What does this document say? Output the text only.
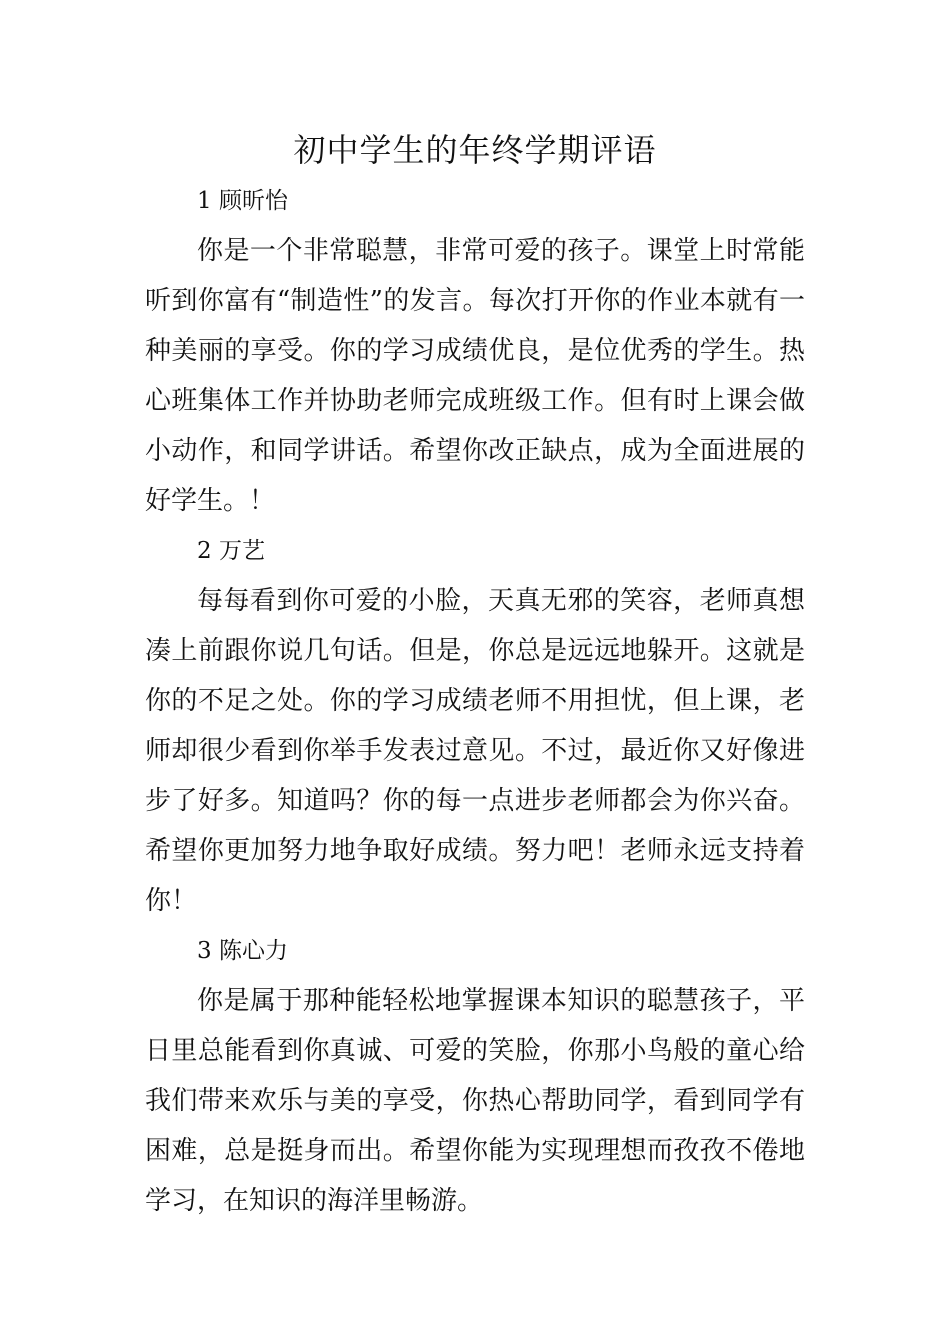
初中学生的年终学期评语

1 顾昕怡

你是一个非常聪慧，非常可爱的孩子。课堂上时常能听到你富有“制造性”的发言。每次打开你的作业本就有一种美丽的享受。你的学习成绩优良，是位优秀的学生。热心班集体工作并协助老师完成班级工作。但有时上课会做小动作，和同学讲话。希望你改正缺点，成为全面进展的好学生。！

2 万艺

每每看到你可爱的小脸，天真无邪的笑容，老师真想凑上前跟你说几句话。但是，你总是远远地躲开。这就是你的不足之处。你的学习成绩老师不用担忧，但上课，老师却很少看到你举手发表过意见。不过，最近你又好像进步了好多。知道吗？你的每一点进步老师都会为你兴奋。希望你更加努力地争取好成绩。努力吧！老师永远支持着你！

3 陈心力

你是属于那种能轻松地掌握课本知识的聪慧孩子，平日里总能看到你真诚、可爱的笑脸，你那小鸟般的童心给我们带来欢乐与美的享受，你热心帮助同学，看到同学有困难，总是挺身而出。希望你能为实现理想而孜孜不倦地学习，在知识的海洋里畅游。
